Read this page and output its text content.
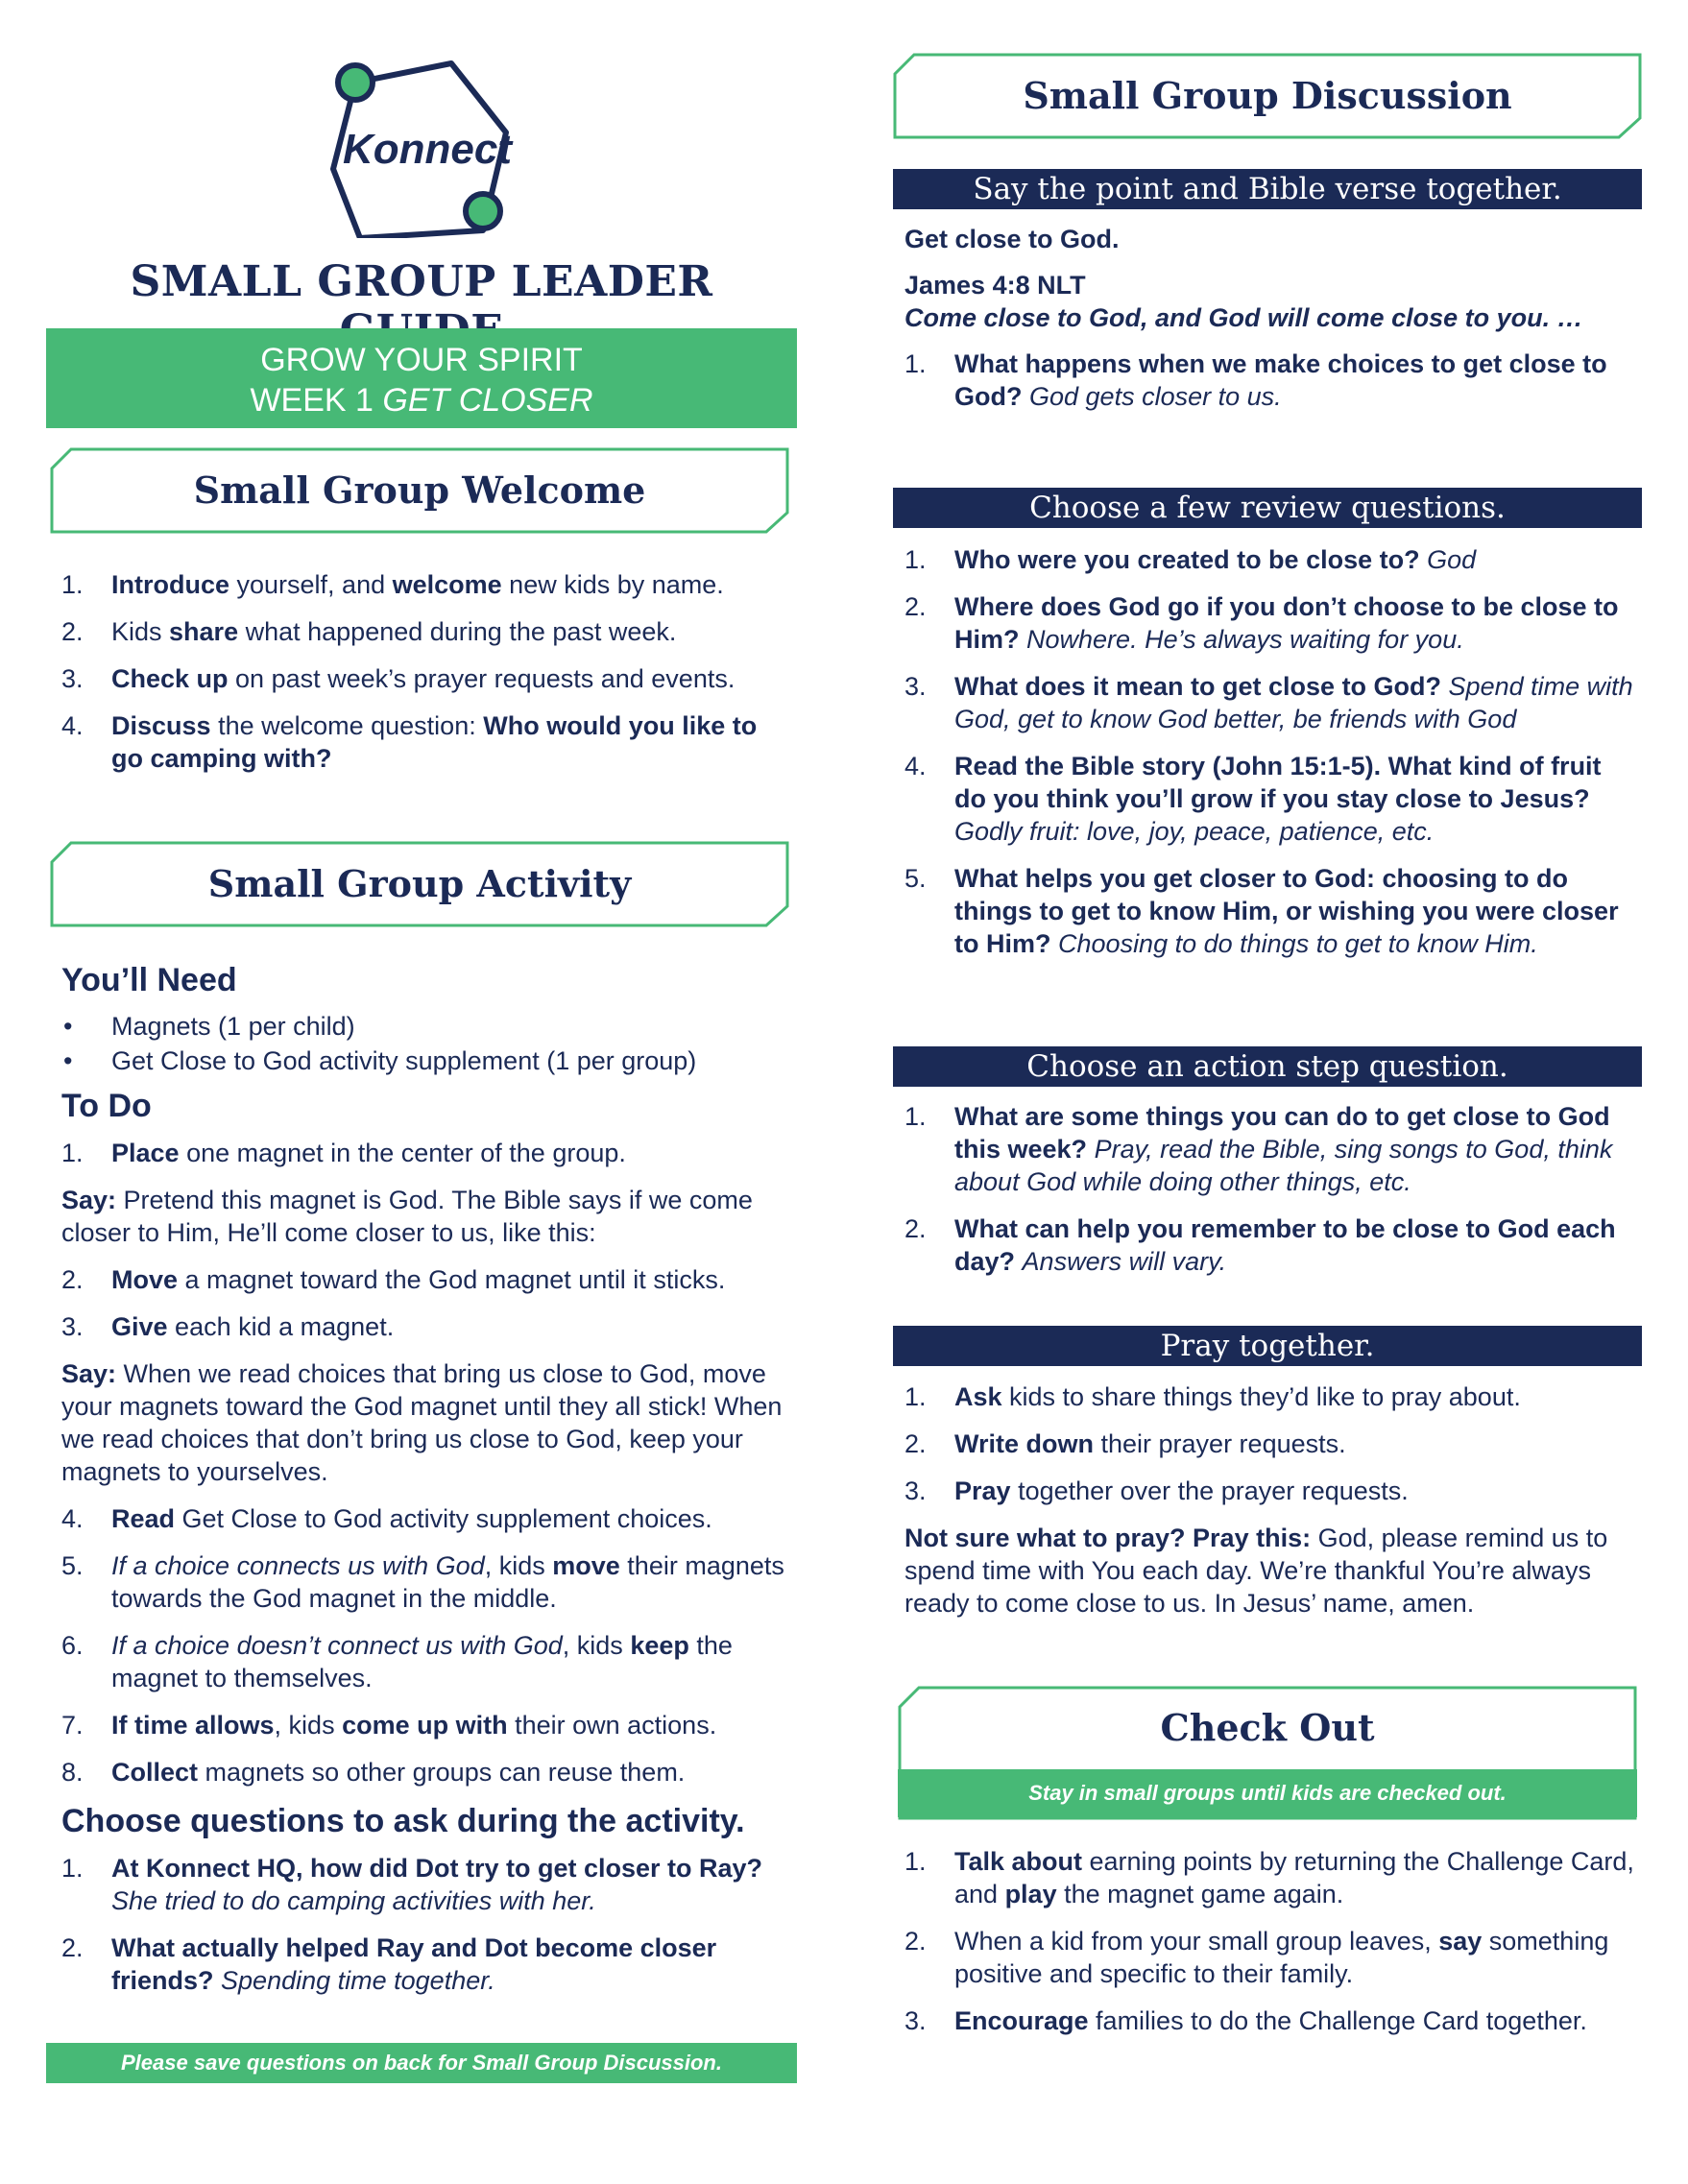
Konnect
SMALL GROUP LEADER
GROW YOUR SPIRIT
WEEK 1 GET CLOSER
Small Group Welcome
1. Introduce yourself, and welcome new kids by name.
2. Kids share what happened during the past week.
3. Check up on past week’s prayer requests and events.
4. Discuss the welcome question: Who would you like to go camping with?
Small Group Activity
You’ll Need
• Magnets (1 per child)
• Get Close to God activity supplement (1 per group)
To Do
1. Place one magnet in the center of the group.
Say: Pretend this magnet is God. The Bible says if we come closer to Him, He’ll come closer to us, like this:
2. Move a magnet toward the God magnet until it sticks.
3. Give each kid a magnet.
Say: When we read choices that bring us close to God, move your magnets toward the God magnet until they all stick! When we read choices that don’t bring us close to God, keep your magnets to yourselves.
4. Read Get Close to God activity supplement choices.
5. If a choice connects us with God, kids move their magnets towards the God magnet in the middle.
6. If a choice doesn’t connect us with God, kids keep the magnet to themselves.
7. If time allows, kids come up with their own actions.
8. Collect magnets so other groups can reuse them.
Choose questions to ask during the activity.
1. At Konnect HQ, how did Dot try to get closer to Ray? She tried to do camping activities with her.
2. What actually helped Ray and Dot become closer friends? Spending time together.
Please save questions on back for Small Group Discussion.
Small Group Discussion
Say the point and Bible verse together.
Get close to God.
James 4:8 NLT
Come close to God, and God will come close to you. …
1. What happens when we make choices to get close to God? God gets closer to us.
Choose a few review questions.
1. Who were you created to be close to? God
2. Where does God go if you don’t choose to be close to Him? Nowhere. He’s always waiting for you.
3. What does it mean to get close to God? Spend time with God, get to know God better, be friends with God
4. Read the Bible story (John 15:1-5). What kind of fruit do you think you’ll grow if you stay close to Jesus? Godly fruit: love, joy, peace, patience, etc.
5. What helps you get closer to God: choosing to do things to get to know Him, or wishing you were closer to Him? Choosing to do things to get to know Him.
Choose an action step question.
1. What are some things you can do to get close to God this week? Pray, read the Bible, sing songs to God, think about God while doing other things, etc.
2. What can help you remember to be close to God each day? Answers will vary.
Pray together.
1. Ask kids to share things they’d like to pray about.
2. Write down their prayer requests.
3. Pray together over the prayer requests.
Not sure what to pray? Pray this: God, please remind us to spend time with You each day. We’re thankful You’re always ready to come close to us. In Jesus’ name, amen.
Check Out
Stay in small groups until kids are checked out.
1. Talk about earning points by returning the Challenge Card, and play the magnet game again.
2. When a kid from your small group leaves, say something positive and specific to their family.
3. Encourage families to do the Challenge Card together.
